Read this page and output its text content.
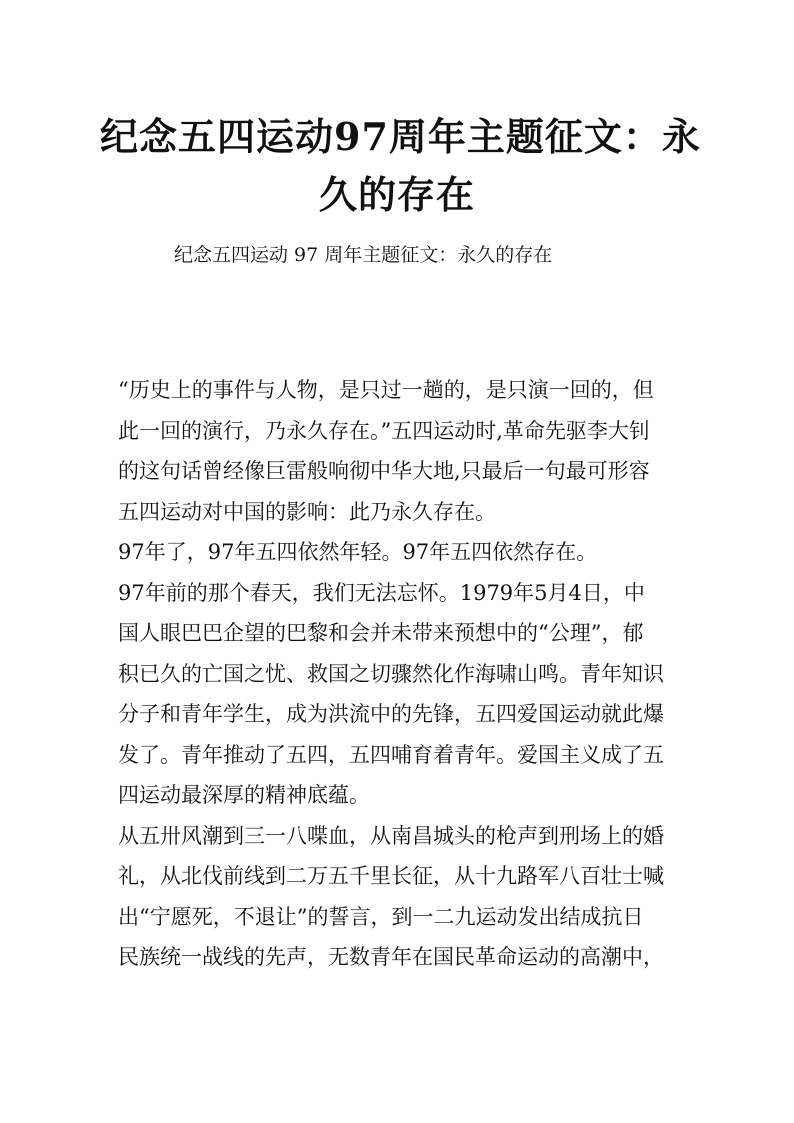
纪念五四运动97周年主题征文：永
久的存在
纪念五四运动 97 周年主题征文：永久的存在
“历史上的事件与人物，是只过一趟的，是只演一回的，但
此一回的演行，乃永久存在。”五四运动时,革命先驱李大钊
的这句话曾经像巨雷般响彻中华大地,只最后一句最可形容
五四运动对中国的影响：此乃永久存在。
97年了，97年五四依然年轻。97年五四依然存在。
97年前的那个春天，我们无法忘怀。1979年5月4日，中
国人眼巴巴企望的巴黎和会并未带来预想中的“公理”，郁
积已久的亡国之忧、救国之切骤然化作海啸山鸣。青年知识
分子和青年学生，成为洪流中的先锋，五四爱国运动就此爆
发了。青年推动了五四，五四哺育着青年。爱国主义成了五
四运动最深厚的精神底蕴。
从五卅风潮到三一八喋血，从南昌城头的枪声到刑场上的婚
礼，从北伐前线到二万五千里长征，从十九路军八百壮士喊
出“宁愿死，不退让”的誓言，到一二九运动发出结成抗日
民族统一战线的先声，无数青年在国民革命运动的高潮中，
